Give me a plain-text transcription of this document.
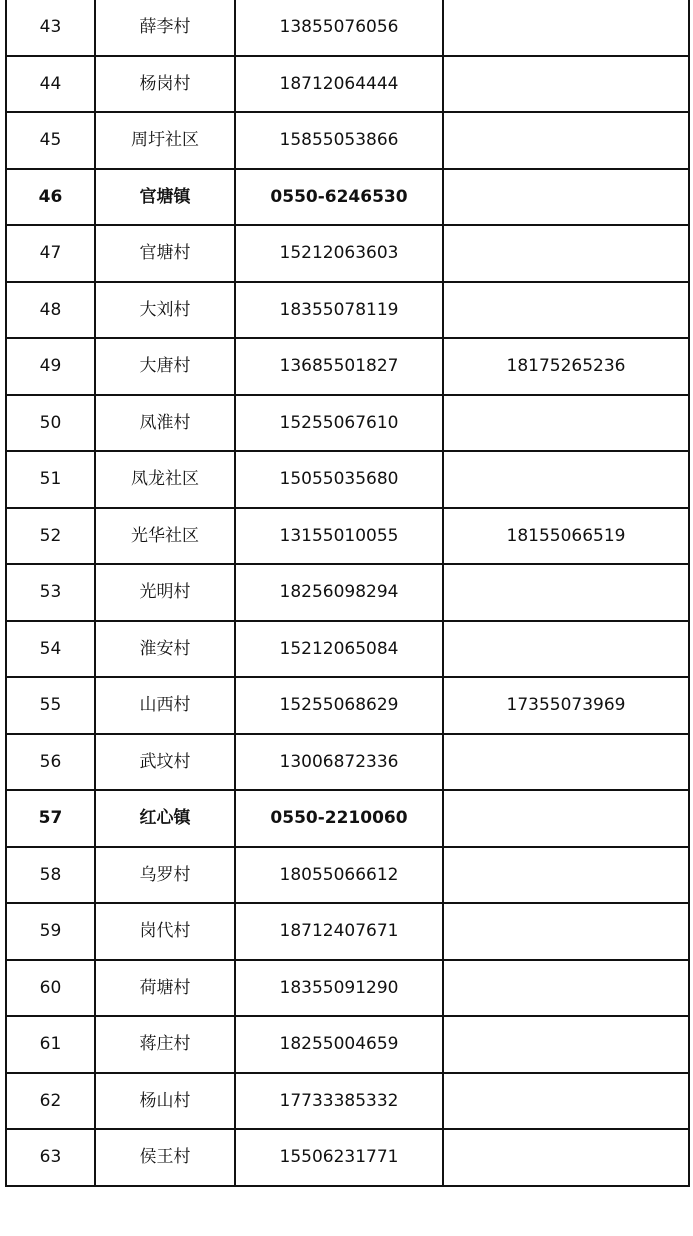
43	薛李村	13855076056	
44	杨岗村	18712064444	
45	周圩社区	15855053866	
46	官塘镇	0550-6246530	
47	官塘村	15212063603	
48	大刘村	18355078119	
49	大唐村	13685501827	18175265236
50	凤淮村	15255067610	
51	凤龙社区	15055035680	
52	光华社区	13155010055	18155066519
53	光明村	18256098294	
54	淮安村	15212065084	
55	山西村	15255068629	17355073969
56	武坟村	13006872336	
57	红心镇	0550-2210060	
58	乌罗村	18055066612	
59	岗代村	18712407671	
60	荷塘村	18355091290	
61	蒋庄村	18255004659	
62	杨山村	17733385332	
63	侯王村	15506231771	
